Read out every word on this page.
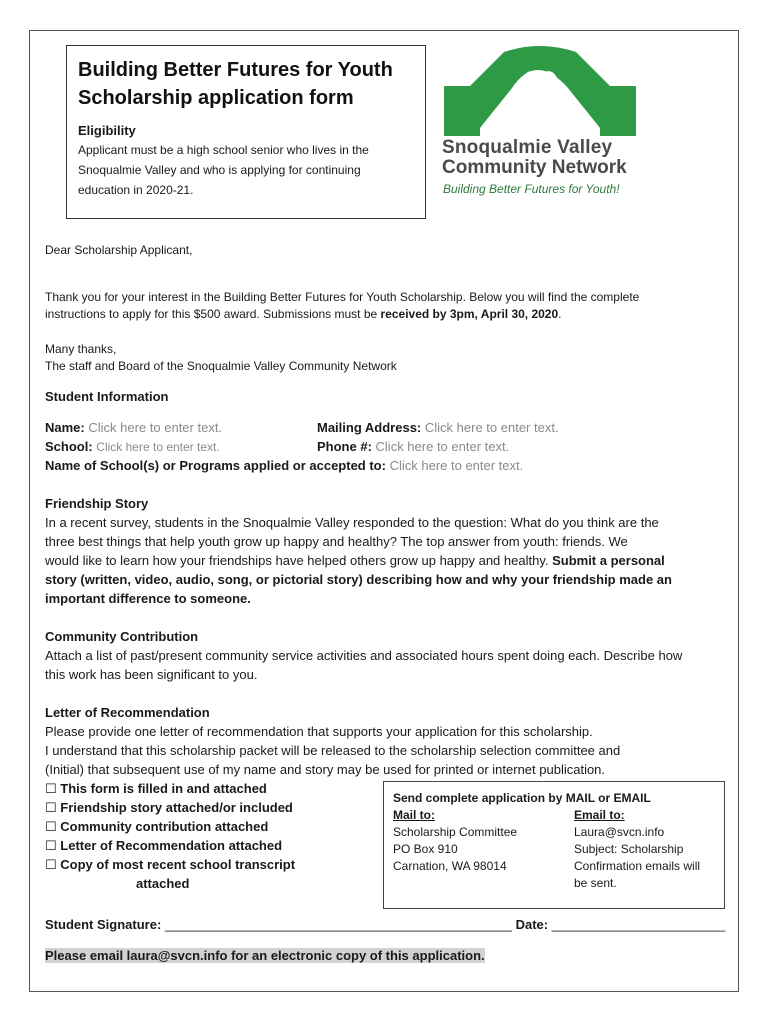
Building Better Futures for Youth
Scholarship application form
Eligibility
Applicant must be a high school senior who lives in the
Snoqualmie Valley and who is applying for continuing
education in 2020-21.
Snoqualmie Valley
Community Network
Building Better Futures for Youth!
Dear Scholarship Applicant,
Thank you for your interest in the Building Better Futures for Youth Scholarship. Below you will find the complete
instructions to apply for this $500 award. Submissions must be received by 3pm, April 30, 2020.
Many thanks,
The staff and Board of the Snoqualmie Valley Community Network
Student Information
Name: Click here to enter text.	Mailing Address: Click here to enter text.
School: Click here to enter text.	Phone #: Click here to enter text.
Name of School(s) or Programs applied or accepted to: Click here to enter text.
Friendship Story
In a recent survey, students in the Snoqualmie Valley responded to the question: What do you think are the
three best things that help youth grow up happy and healthy? The top answer from youth: friends. We
would like to learn how your friendships have helped others grow up happy and healthy. Submit a personal
story (written, video, audio, song, or pictorial story) describing how and why your friendship made an
important difference to someone.
Community Contribution
Attach a list of past/present community service activities and associated hours spent doing each. Describe how
this work has been significant to you.
Letter of Recommendation
Please provide one letter of recommendation that supports your application for this scholarship.
I understand that this scholarship packet will be released to the scholarship selection committee and
(Initial) that subsequent use of my name and story may be used for printed or internet publication.
☐ This form is filled in and attached
☐ Friendship story attached/or included
☐ Community contribution attached
☐ Letter of Recommendation attached
☐ Copy of most recent school transcript
attached
Send complete application by MAIL or EMAIL
Mail to:
Scholarship Committee
PO Box 910
Carnation, WA 98014
Email to:
Laura@svcn.info
Subject: Scholarship
Confirmation emails will
be sent.
Student Signature: ________________________________________________ Date: ________________________
Please email laura@svcn.info for an electronic copy of this application.
